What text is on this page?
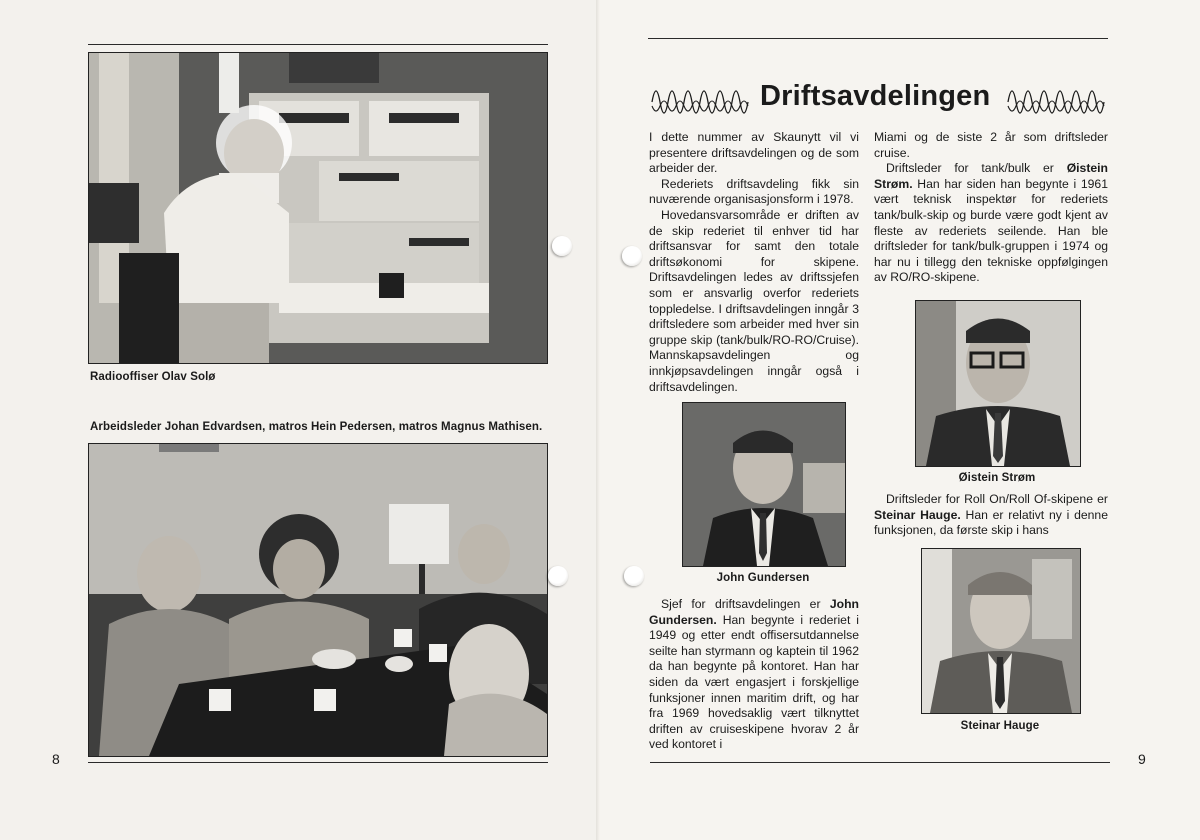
Radiooffiser Olav Solø
Arbeidsleder Johan Edvardsen, matros Hein Pedersen, matros Magnus Mathisen.
8
Driftsavdelingen

I dette nummer av Skaunytt vil vi presentere driftsavdelingen og de som arbeider der.

Rederiets driftsavdeling fikk sin nuværende organisasjonsform i 1978.

Hovedansvarsområde er driften av de skip rederiet til enhver tid har driftsansvar for samt den totale driftsøkonomi for skipene. Driftsavdelingen ledes av driftssjefen som er ansvarlig overfor rederiets toppledelse. I driftsavdelingen inngår 3 driftsledere som arbeider med hver sin gruppe skip (tank/bulk/RO-RO/Cruise). Mannskapsavdelingen og innkjøpsavdelingen inngår også i driftsavdelingen.

John Gundersen

Sjef for driftsavdelingen er John Gundersen. Han begynte i rederiet i 1949 og etter endt offisersutdannelse seilte han styrmann og kaptein til 1962 da han begynte på kontoret. Han har siden da vært engasjert i forskjellige funksjoner innen maritim drift, og har fra 1969 hovedsaklig vært tilknyttet driften av cruiseskipene hvorav 2 år ved kontoret i

Miami og de siste 2 år som driftsleder cruise.

Driftsleder for tank/bulk er Øistein Strøm. Han har siden han begynte i 1961 vært teknisk inspektør for rederiets tank/bulk-skip og burde være godt kjent av fleste av rederiets seilende. Han ble driftsleder for tank/bulk-gruppen i 1974 og har nu i tillegg den tekniske oppfølgingen av RO/RO-skipene.

Øistein Strøm

Driftsleder for Roll On/Roll Of-skipene er Steinar Hauge. Han er relativt ny i denne funksjonen, da første skip i hans

Steinar Hauge
9
